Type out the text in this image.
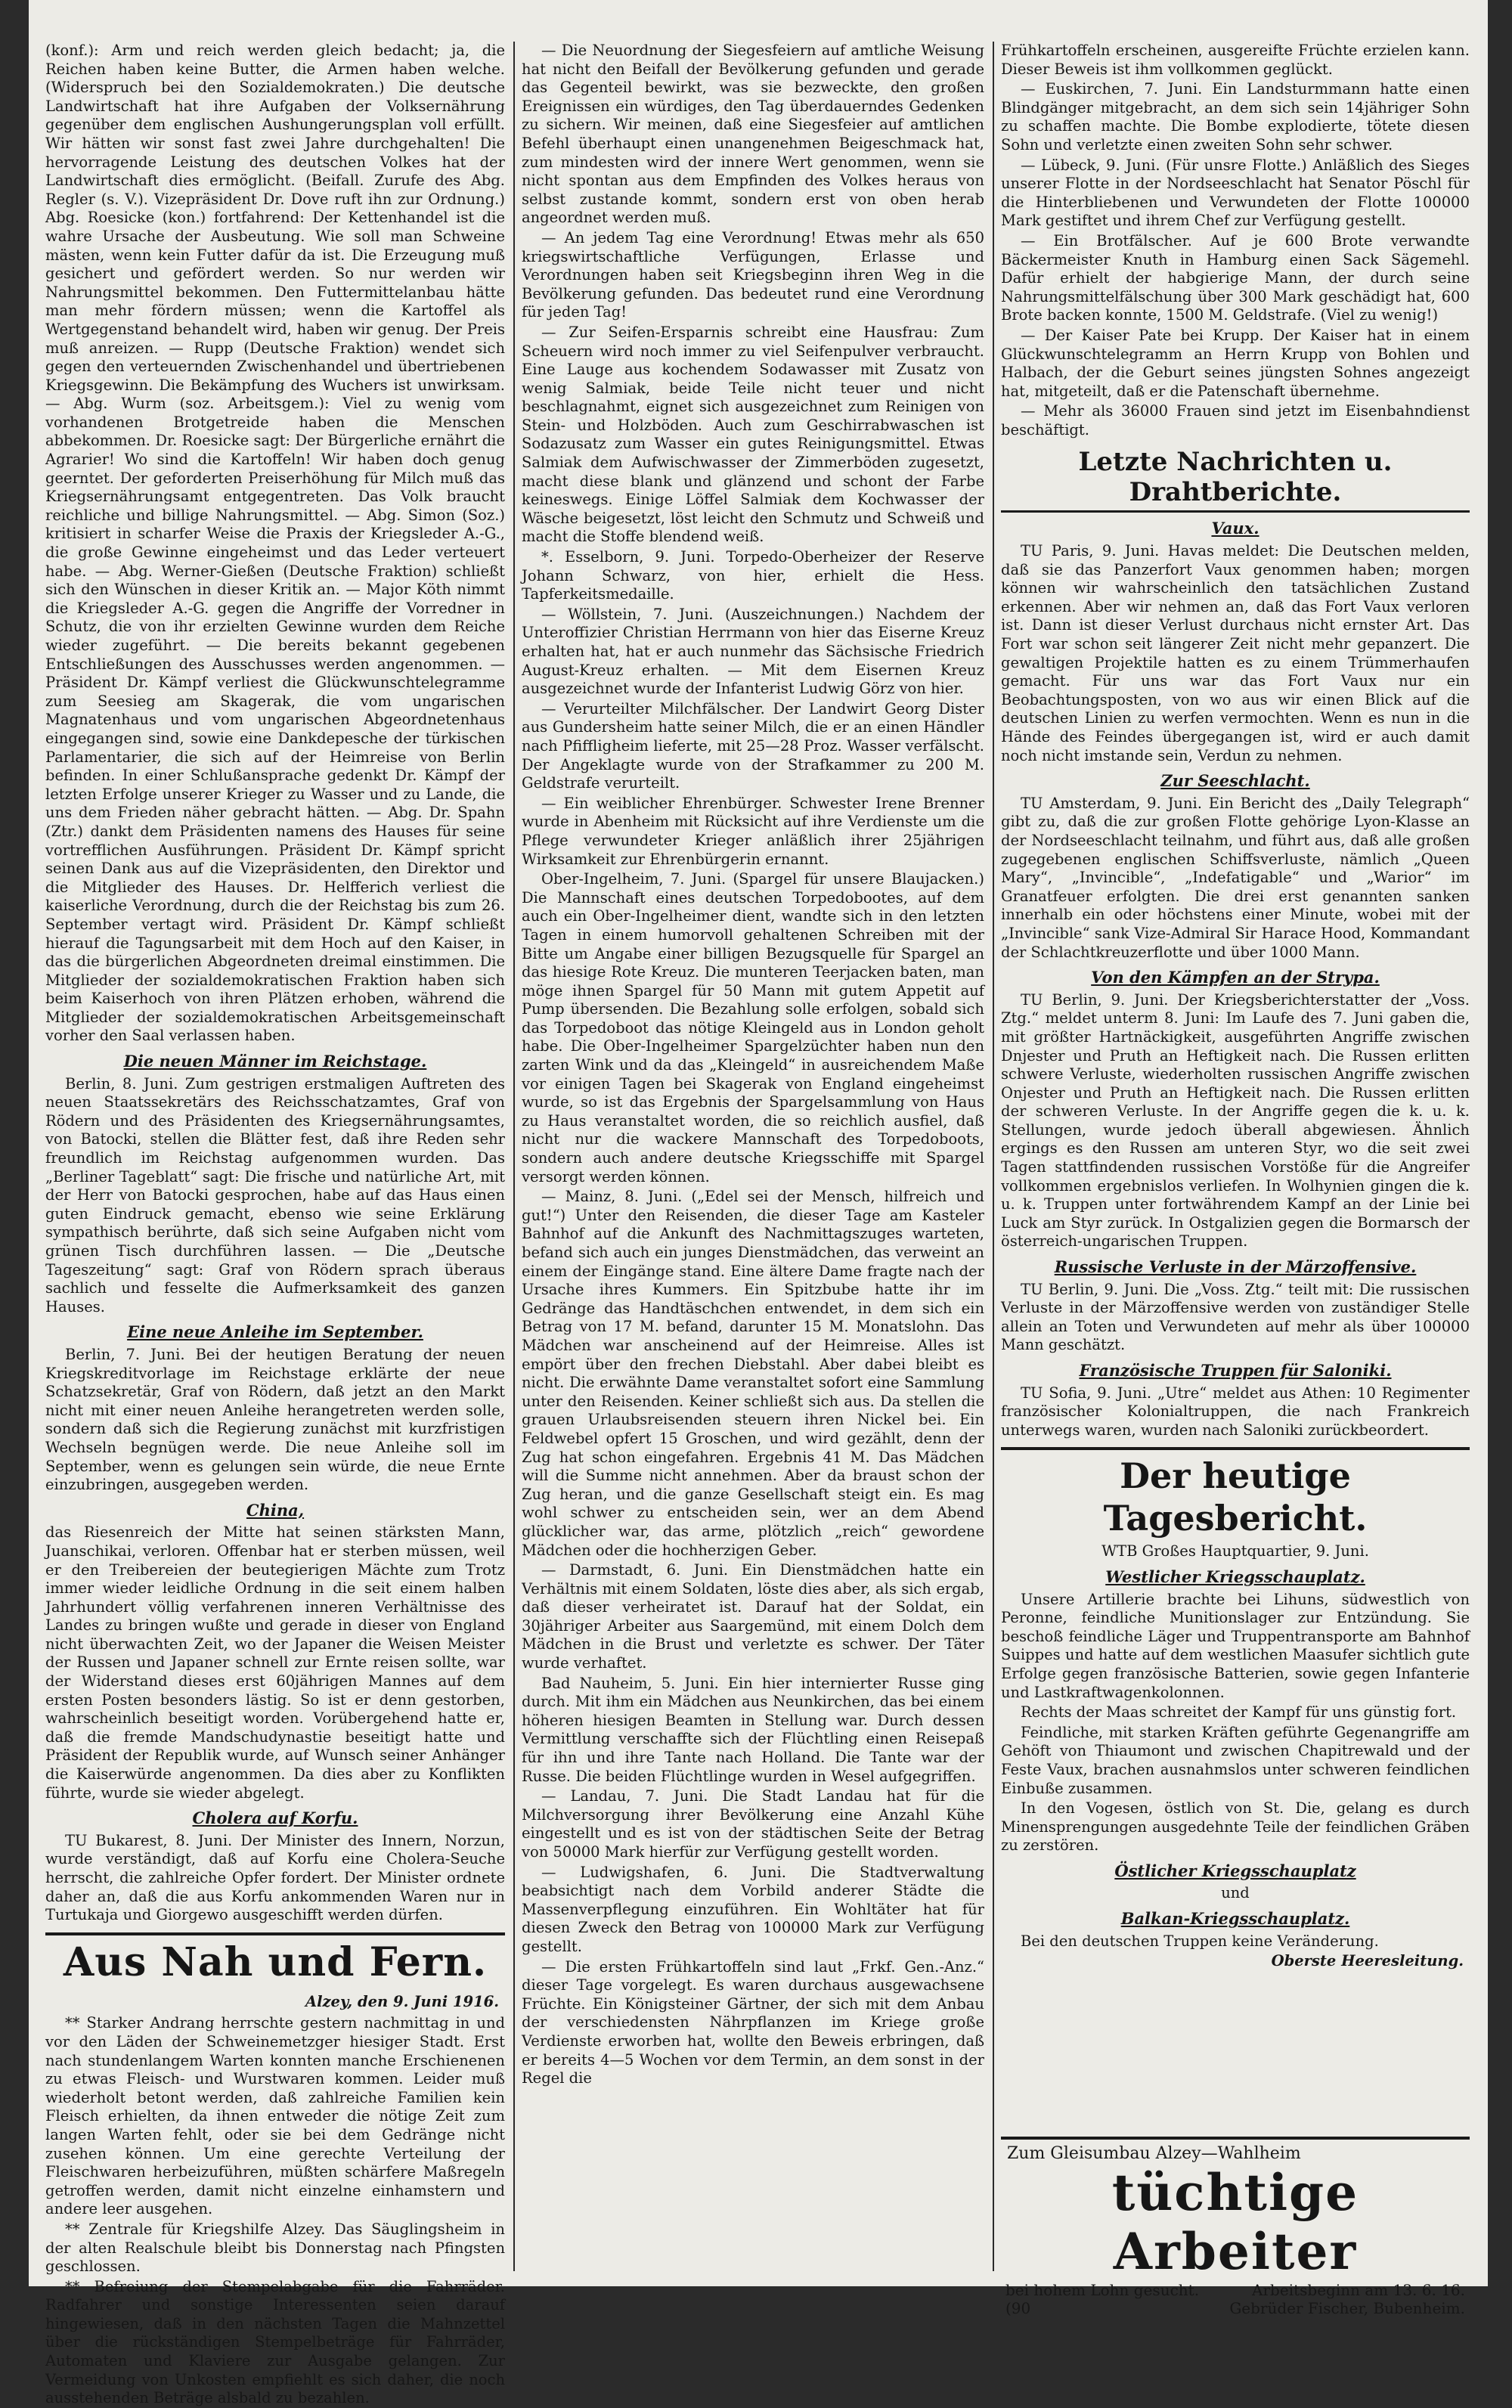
(konf.): Arm und reich werden gleich bedacht; ja, die Reichen haben keine Butter, die Armen haben welche. (Widerspruch bei den Sozialdemokraten.) Die deutsche Landwirtschaft hat ihre Aufgaben der Volksernährung gegenüber dem englischen Aushungerungsplan voll erfüllt. Wir hätten wir sonst fast zwei Jahre durchgehalten! Die hervorragende Leistung des deutschen Volkes hat der Landwirtschaft dies ermöglicht. (Beifall. Zurufe des Abg. Regler (s. V.). Vizepräsident Dr. Dove ruft ihn zur Ordnung.) Abg. Roesicke (kon.) fortfahrend: Der Kettenhandel ist die wahre Ursache der Ausbeutung. Wie soll man Schweine mästen, wenn kein Futter dafür da ist. Die Erzeugung muß gesichert und gefördert werden. So nur werden wir Nahrungsmittel bekommen. Den Futtermittelanbau hätte man mehr fördern müssen; wenn die Kartoffel als Wertgegenstand behandelt wird, haben wir genug. Der Preis muß anreizen. — Rupp (Deutsche Fraktion) wendet sich gegen den verteuernden Zwischenhandel und übertriebenen Kriegsgewinn. Die Bekämpfung des Wuchers ist unwirksam. — Abg. Wurm (soz. Arbeitsgem.): Viel zu wenig vom vorhandenen Brotgetreide haben die Menschen abbekommen. Dr. Roesicke sagt: Der Bürgerliche ernährt die Agrarier! Wo sind die Kartoffeln! Wir haben doch genug geerntet. Der geforderten Preiserhöhung für Milch muß das Kriegsernährungsamt entgegentreten. Das Volk braucht reichliche und billige Nahrungsmittel. — Abg. Simon (Soz.) kritisiert in scharfer Weise die Praxis der Kriegsleder A.-G., die große Gewinne eingeheimst und das Leder verteuert habe. — Abg. Werner-Gießen (Deutsche Fraktion) schließt sich den Wünschen in dieser Kritik an. — Major Köth nimmt die Kriegsleder A.-G. gegen die Angriffe der Vorredner in Schutz, die von ihr erzielten Gewinne wurden dem Reiche wieder zugeführt. — Die bereits bekannt gegebenen Entschließungen des Ausschusses werden angenommen. — Präsident Dr. Kämpf verliest die Glückwunschtelegramme zum Seesieg am Skagerak, die vom ungarischen Magnatenhaus und vom ungarischen Abgeordnetenhaus eingegangen sind, sowie eine Dankdepesche der türkischen Parlamentarier, die sich auf der Heimreise von Berlin befinden. In einer Schlußansprache gedenkt Dr. Kämpf der letzten Erfolge unserer Krieger zu Wasser und zu Lande, die uns dem Frieden näher gebracht hätten. — Abg. Dr. Spahn (Ztr.) dankt dem Präsidenten namens des Hauses für seine vortrefflichen Ausführungen. Präsident Dr. Kämpf spricht seinen Dank aus auf die Vizepräsidenten, den Direktor und die Mitglieder des Hauses. Dr. Helfferich verliest die kaiserliche Verordnung, durch die der Reichstag bis zum 26. September vertagt wird. Präsident Dr. Kämpf schließt hierauf die Tagungsarbeit mit dem Hoch auf den Kaiser, in das die bürgerlichen Abgeordneten dreimal einstimmen. Die Mitglieder der sozialdemokratischen Fraktion haben sich beim Kaiserhoch von ihren Plätzen erhoben, während die Mitglieder der sozialdemokratischen Arbeitsgemeinschaft vorher den Saal verlassen haben.

Die neuen Männer im Reichstage.

Berlin, 8. Juni. Zum gestrigen erstmaligen Auftreten des neuen Staatssekretärs des Reichsschatzamtes, Graf von Rödern und des Präsidenten des Kriegsernährungsamtes, von Batocki, stellen die Blätter fest, daß ihre Reden sehr freundlich im Reichstag aufgenommen wurden. Das „Berliner Tageblatt“ sagt: Die frische und natürliche Art, mit der Herr von Batocki gesprochen, habe auf das Haus einen guten Eindruck gemacht, ebenso wie seine Erklärung sympathisch berührte, daß sich seine Aufgaben nicht vom grünen Tisch durchführen lassen. — Die „Deutsche Tageszeitung“ sagt: Graf von Rödern sprach überaus sachlich und fesselte die Aufmerksamkeit des ganzen Hauses.

Eine neue Anleihe im September.

Berlin, 7. Juni. Bei der heutigen Beratung der neuen Kriegskreditvorlage im Reichstage erklärte der neue Schatzsekretär, Graf von Rödern, daß jetzt an den Markt nicht mit einer neuen Anleihe herangetreten werden solle, sondern daß sich die Regierung zunächst mit kurzfristigen Wechseln begnügen werde. Die neue Anleihe soll im September, wenn es gelungen sein würde, die neue Ernte einzubringen, ausgegeben werden.

China,

das Riesenreich der Mitte hat seinen stärksten Mann, Juanschikai, verloren. Offenbar hat er sterben müssen, weil er den Treibereien der beutegierigen Mächte zum Trotz immer wieder leidliche Ordnung in die seit einem halben Jahrhundert völlig verfahrenen inneren Verhältnisse des Landes zu bringen wußte und gerade in dieser von England nicht überwachten Zeit, wo der Japaner die Weisen Meister der Russen und Japaner schnell zur Ernte reisen sollte, war der Widerstand dieses erst 60jährigen Mannes auf dem ersten Posten besonders lästig. So ist er denn gestorben, wahrscheinlich beseitigt worden. Vorübergehend hatte er, daß die fremde Mandschudynastie beseitigt hatte und Präsident der Republik wurde, auf Wunsch seiner Anhänger die Kaiserwürde angenommen. Da dies aber zu Konflikten führte, wurde sie wieder abgelegt.

Cholera auf Korfu.

TU Bukarest, 8. Juni. Der Minister des Innern, Norzun, wurde verständigt, daß auf Korfu eine Cholera-Seuche herrscht, die zahlreiche Opfer fordert. Der Minister ordnete daher an, daß die aus Korfu ankommenden Waren nur in Turtukaja und Giorgewo ausgeschifft werden dürfen.

Aus Nah und Fern.
Alzey, den 9. Juni 1916.

** Starker Andrang herrschte gestern nachmittag in und vor den Läden der Schweinemetzger hiesiger Stadt. Erst nach stundenlangem Warten konnten manche Erschienenen zu etwas Fleisch- und Wurstwaren kommen. Leider muß wiederholt betont werden, daß zahlreiche Familien kein Fleisch erhielten, da ihnen entweder die nötige Zeit zum langen Warten fehlt, oder sie bei dem Gedränge nicht zusehen können. Um eine gerechte Verteilung der Fleischwaren herbeizuführen, müßten schärfere Maßregeln getroffen werden, damit nicht einzelne einhamstern und andere leer ausgehen.

** Zentrale für Kriegshilfe Alzey. Das Säuglingsheim in der alten Realschule bleibt bis Donnerstag nach Pfingsten geschlossen.

** Befreiung der Stempelabgabe für die Fahrräder. Radfahrer und sonstige Interessenten seien darauf hingewiesen, daß in den nächsten Tagen die Mahnzettel über die rückständigen Stempelbeträge für Fahrräder, Automaten und Klaviere zur Ausgabe gelangen. Zur Vermeidung von Unkosten empfiehlt es sich daher, die noch ausstehenden Beträge alsbald zu bezahlen.

— Die Neuordnung der Siegesfeiern auf amtliche Weisung hat nicht den Beifall der Bevölkerung gefunden und gerade das Gegenteil bewirkt, was sie bezweckte, den großen Ereignissen ein würdiges, den Tag überdauerndes Gedenken zu sichern. Wir meinen, daß eine Siegesfeier auf amtlichen Befehl überhaupt einen unangenehmen Beigeschmack hat, zum mindesten wird der innere Wert genommen, wenn sie nicht spontan aus dem Empfinden des Volkes heraus von selbst zustande kommt, sondern erst von oben herab angeordnet werden muß.

— An jedem Tag eine Verordnung! Etwas mehr als 650 kriegswirtschaftliche Verfügungen, Erlasse und Verordnungen haben seit Kriegsbeginn ihren Weg in die Bevölkerung gefunden. Das bedeutet rund eine Verordnung für jeden Tag!

— Zur Seifen-Ersparnis schreibt eine Hausfrau: Zum Scheuern wird noch immer zu viel Seifenpulver verbraucht. Eine Lauge aus kochendem Sodawasser mit Zusatz von wenig Salmiak, beide Teile nicht teuer und nicht beschlagnahmt, eignet sich ausgezeichnet zum Reinigen von Stein- und Holzböden. Auch zum Geschirrabwaschen ist Sodazusatz zum Wasser ein gutes Reinigungsmittel. Etwas Salmiak dem Aufwischwasser der Zimmerböden zugesetzt, macht diese blank und glänzend und schont der Farbe keineswegs. Einige Löffel Salmiak dem Kochwasser der Wäsche beigesetzt, löst leicht den Schmutz und Schweiß und macht die Stoffe blendend weiß.

*. Esselborn, 9. Juni. Torpedo-Oberheizer der Reserve Johann Schwarz, von hier, erhielt die Hess. Tapferkeitsmedaille.

— Wöllstein, 7. Juni. (Auszeichnungen.) Nachdem der Unteroffizier Christian Herrmann von hier das Eiserne Kreuz erhalten hat, hat er auch nunmehr das Sächsische Friedrich August-Kreuz erhalten. — Mit dem Eisernen Kreuz ausgezeichnet wurde der Infanterist Ludwig Görz von hier.

— Verurteilter Milchfälscher. Der Landwirt Georg Dister aus Gundersheim hatte seiner Milch, die er an einen Händler nach Pfiffligheim lieferte, mit 25—28 Proz. Wasser verfälscht. Der Angeklagte wurde von der Strafkammer zu 200 M. Geldstrafe verurteilt.

— Ein weiblicher Ehrenbürger. Schwester Irene Brenner wurde in Abenheim mit Rücksicht auf ihre Verdienste um die Pflege verwundeter Krieger anläßlich ihrer 25jährigen Wirksamkeit zur Ehrenbürgerin ernannt.

Ober-Ingelheim, 7. Juni. (Spargel für unsere Blaujacken.) Die Mannschaft eines deutschen Torpedobootes, auf dem auch ein Ober-Ingelheimer dient, wandte sich in den letzten Tagen in einem humorvoll gehaltenen Schreiben mit der Bitte um Angabe einer billigen Bezugsquelle für Spargel an das hiesige Rote Kreuz. Die munteren Teerjacken baten, man möge ihnen Spargel für 50 Mann mit gutem Appetit auf Pump übersenden. Die Bezahlung solle erfolgen, sobald sich das Torpedoboot das nötige Kleingeld aus in London geholt habe. Die Ober-Ingelheimer Spargelzüchter haben nun den zarten Wink und da das „Kleingeld“ in ausreichendem Maße vor einigen Tagen bei Skagerak von England eingeheimst wurde, so ist das Ergebnis der Spargelsammlung von Haus zu Haus veranstaltet worden, die so reichlich ausfiel, daß nicht nur die wackere Mannschaft des Torpedoboots, sondern auch andere deutsche Kriegsschiffe mit Spargel versorgt werden können.

— Mainz, 8. Juni. („Edel sei der Mensch, hilfreich und gut!“) Unter den Reisenden, die dieser Tage am Kasteler Bahnhof auf die Ankunft des Nachmittagszuges warteten, befand sich auch ein junges Dienstmädchen, das verweint an einem der Eingänge stand. Eine ältere Dame fragte nach der Ursache ihres Kummers. Ein Spitzbube hatte ihr im Gedränge das Handtäschchen entwendet, in dem sich ein Betrag von 17 M. befand, darunter 15 M. Monatslohn. Das Mädchen war anscheinend auf der Heimreise. Alles ist empört über den frechen Diebstahl. Aber dabei bleibt es nicht. Die erwähnte Dame veranstaltet sofort eine Sammlung unter den Reisenden. Keiner schließt sich aus. Da stellen die grauen Urlaubsreisenden steuern ihren Nickel bei. Ein Feldwebel opfert 15 Groschen, und wird gezählt, denn der Zug hat schon eingefahren. Ergebnis 41 M. Das Mädchen will die Summe nicht annehmen. Aber da braust schon der Zug heran, und die ganze Gesellschaft steigt ein. Es mag wohl schwer zu entscheiden sein, wer an dem Abend glücklicher war, das arme, plötzlich „reich“ gewordene Mädchen oder die hochherzigen Geber.

— Darmstadt, 6. Juni. Ein Dienstmädchen hatte ein Verhältnis mit einem Soldaten, löste dies aber, als sich ergab, daß dieser verheiratet ist. Darauf hat der Soldat, ein 30jähriger Arbeiter aus Saargemünd, mit einem Dolch dem Mädchen in die Brust und verletzte es schwer. Der Täter wurde verhaftet.

Bad Nauheim, 5. Juni. Ein hier internierter Russe ging durch. Mit ihm ein Mädchen aus Neunkirchen, das bei einem höheren hiesigen Beamten in Stellung war. Durch dessen Vermittlung verschaffte sich der Flüchtling einen Reisepaß für ihn und ihre Tante nach Holland. Die Tante war der Russe. Die beiden Flüchtlinge wurden in Wesel aufgegriffen.

— Landau, 7. Juni. Die Stadt Landau hat für die Milchversorgung ihrer Bevölkerung eine Anzahl Kühe eingestellt und es ist von der städtischen Seite der Betrag von 50000 Mark hierfür zur Verfügung gestellt worden.

— Ludwigshafen, 6. Juni. Die Stadtverwaltung beabsichtigt nach dem Vorbild anderer Städte die Massenverpflegung einzuführen. Ein Wohltäter hat für diesen Zweck den Betrag von 100000 Mark zur Verfügung gestellt.

— Die ersten Frühkartoffeln sind laut „Frkf. Gen.-Anz.“ dieser Tage vorgelegt. Es waren durchaus ausgewachsene Früchte. Ein Königsteiner Gärtner, der sich mit dem Anbau der verschiedensten Nährpflanzen im Kriege große Verdienste erworben hat, wollte den Beweis erbringen, daß er bereits 4—5 Wochen vor dem Termin, an dem sonst in der Regel die

Frühkartoffeln erscheinen, ausgereifte Früchte erzielen kann. Dieser Beweis ist ihm vollkommen geglückt.

— Euskirchen, 7. Juni. Ein Landsturmmann hatte einen Blindgänger mitgebracht, an dem sich sein 14jähriger Sohn zu schaffen machte. Die Bombe explodierte, tötete diesen Sohn und verletzte einen zweiten Sohn sehr schwer.

— Lübeck, 9. Juni. (Für unsre Flotte.) Anläßlich des Sieges unserer Flotte in der Nordseeschlacht hat Senator Pöschl für die Hinterbliebenen und Verwundeten der Flotte 100000 Mark gestiftet und ihrem Chef zur Verfügung gestellt.

— Ein Brotfälscher. Auf je 600 Brote verwandte Bäckermeister Knuth in Hamburg einen Sack Sägemehl. Dafür erhielt der habgierige Mann, der durch seine Nahrungsmittelfälschung über 300 Mark geschädigt hat, 600 Brote backen konnte, 1500 M. Geldstrafe. (Viel zu wenig!)

— Der Kaiser Pate bei Krupp. Der Kaiser hat in einem Glückwunschtelegramm an Herrn Krupp von Bohlen und Halbach, der die Geburt seines jüngsten Sohnes angezeigt hat, mitgeteilt, daß er die Patenschaft übernehme.

— Mehr als 36000 Frauen sind jetzt im Eisenbahndienst beschäftigt.

Letzte Nachrichten u. Drahtberichte.
Vaux.

TU Paris, 9. Juni. Havas meldet: Die Deutschen melden, daß sie das Panzerfort Vaux genommen haben; morgen können wir wahrscheinlich den tatsächlichen Zustand erkennen. Aber wir nehmen an, daß das Fort Vaux verloren ist. Dann ist dieser Verlust durchaus nicht ernster Art. Das Fort war schon seit längerer Zeit nicht mehr gepanzert. Die gewaltigen Projektile hatten es zu einem Trümmerhaufen gemacht. Für uns war das Fort Vaux nur ein Beobachtungsposten, von wo aus wir einen Blick auf die deutschen Linien zu werfen vermochten. Wenn es nun in die Hände des Feindes übergegangen ist, wird er auch damit noch nicht imstande sein, Verdun zu nehmen.

Zur Seeschlacht.

TU Amsterdam, 9. Juni. Ein Bericht des „Daily Telegraph“ gibt zu, daß die zur großen Flotte gehörige Lyon-Klasse an der Nordseeschlacht teilnahm, und führt aus, daß alle großen zugegebenen englischen Schiffsverluste, nämlich „Queen Mary“, „Invincible“, „Indefatigable“ und „Warior“ im Granatfeuer erfolgten. Die drei erst genannten sanken innerhalb ein oder höchstens einer Minute, wobei mit der „Invincible“ sank Vize-Admiral Sir Harace Hood, Kommandant der Schlachtkreuzerflotte und über 1000 Mann.

Von den Kämpfen an der Strypa.

TU Berlin, 9. Juni. Der Kriegsberichterstatter der „Voss. Ztg.“ meldet unterm 8. Juni: Im Laufe des 7. Juni gaben die, mit größter Hartnäckigkeit, ausgeführten Angriffe zwischen Dnjester und Pruth an Heftigkeit nach. Die Russen erlitten schwere Verluste, wiederholten russischen Angriffe zwischen Onjester und Pruth an Heftigkeit nach. Die Russen erlitten der schweren Verluste. In der Angriffe gegen die k. u. k. Stellungen, wurde jedoch überall abgewiesen. Ähnlich ergings es den Russen am unteren Styr, wo die seit zwei Tagen stattfindenden russischen Vorstöße für die Angreifer vollkommen ergebnislos verliefen. In Wolhynien gingen die k. u. k. Truppen unter fortwährendem Kampf an der Linie bei Luck am Styr zurück. In Ostgalizien gegen die Bormarsch der österreich-ungarischen Truppen.

Russische Verluste in der Märzoffensive.

TU Berlin, 9. Juni. Die „Voss. Ztg.“ teilt mit: Die russischen Verluste in der Märzoffensive werden von zuständiger Stelle allein an Toten und Verwundeten auf mehr als über 100000 Mann geschätzt.

Französische Truppen für Saloniki.

TU Sofia, 9. Juni. „Utre“ meldet aus Athen: 10 Regimenter französischer Kolonialtruppen, die nach Frankreich unterwegs waren, wurden nach Saloniki zurückbeordert.

Der heutige Tagesbericht.
WTB Großes Hauptquartier, 9. Juni.
Westlicher Kriegsschauplatz.

Unsere Artillerie brachte bei Lihuns, südwestlich von Peronne, feindliche Munitionslager zur Entzündung. Sie beschoß feindliche Läger und Truppentransporte am Bahnhof Suippes und hatte auf dem westlichen Maasufer sichtlich gute Erfolge gegen französische Batterien, sowie gegen Infanterie und Lastkraftwagenkolonnen.

Rechts der Maas schreitet der Kampf für uns günstig fort.

Feindliche, mit starken Kräften geführte Gegenangriffe am Gehöft von Thiaumont und zwischen Chapitrewald und der Feste Vaux, brachen ausnahmslos unter schweren feindlichen Einbuße zusammen.

In den Vogesen, östlich von St. Die, gelang es durch Minensprengungen ausgedehnte Teile der feindlichen Gräben zu zerstören.

Östlicher Kriegsschauplatz
und
Balkan-Kriegsschauplatz.

Bei den deutschen Truppen keine Veränderung.

Oberste Heeresleitung.
Zum Gleisumbau Alzey—Wahlheim
tüchtige Arbeiter
bei hohem Lohn gesucht.	Arbeitsbeginn am 13. 6. 16.
(90	Gebrüder Fischer, Bubenheim.
